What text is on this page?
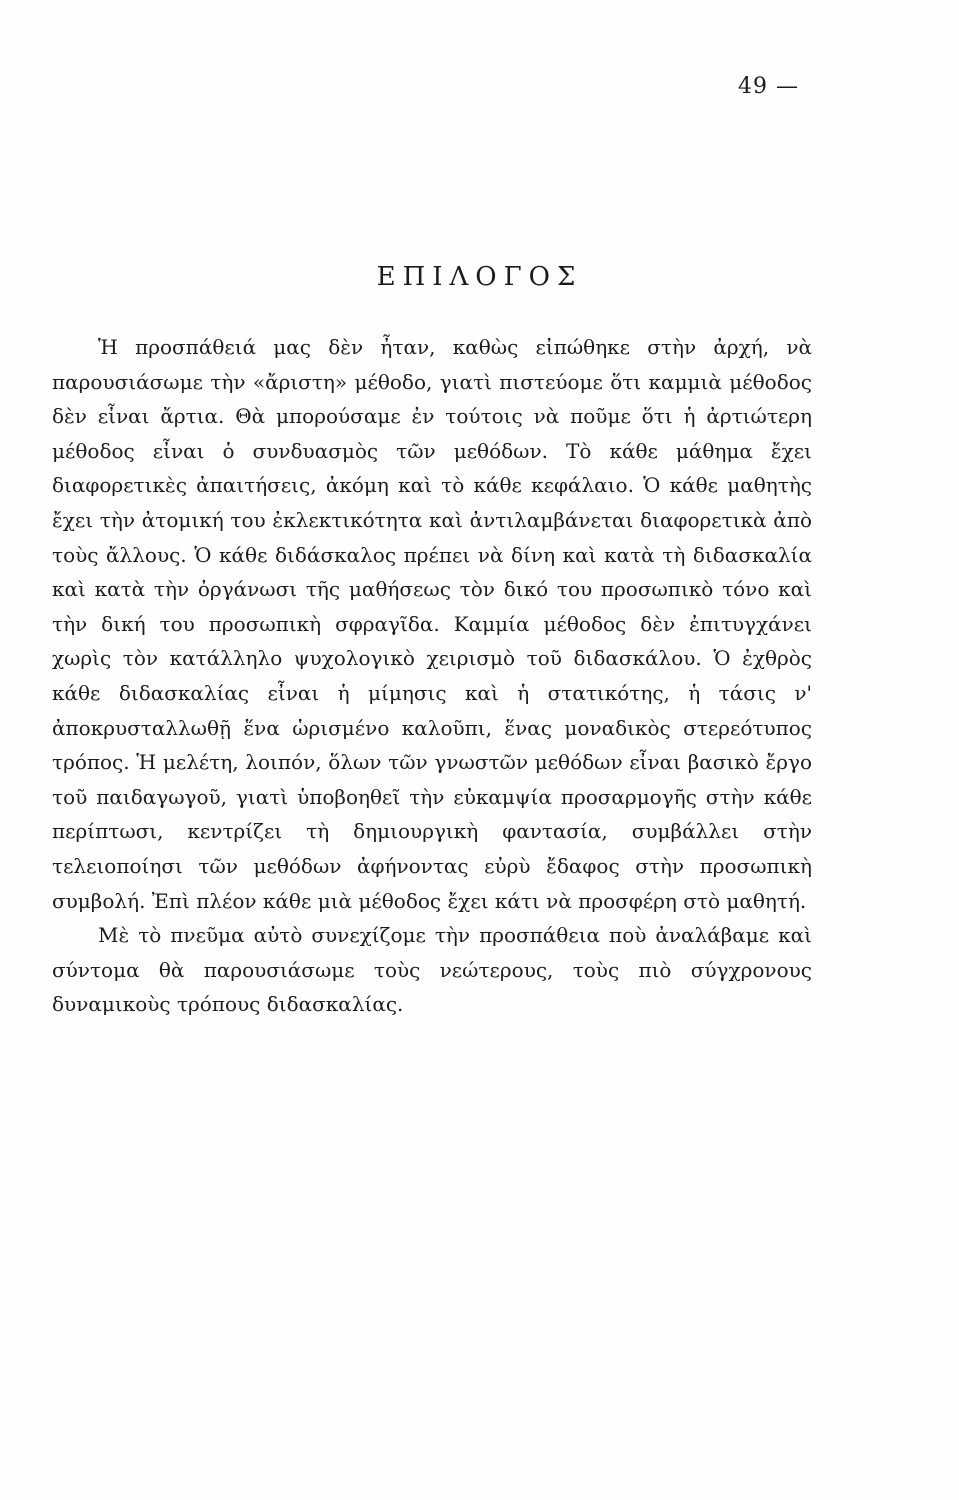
49 —
ΕΠΙΛΟΓΟΣ

Ἡ προσπάθειά μας δὲν ἦταν, καθὼς εἰπώθηκε στὴν ἀρχή, νὰ παρουσιάσωμε τὴν «ἄριστη» μέθοδο, γιατὶ πιστεύομε ὅτι καμμιὰ μέθοδος δὲν εἶναι ἄρτια. Θὰ μπορούσαμε ἐν τούτοις νὰ ποῦμε ὅτι ἡ ἀρτιώτερη μέθοδος εἶναι ὁ συνδυασμὸς τῶν μεθόδων. Τὸ κάθε μάθημα ἔχει διαφορετικὲς ἀπαιτήσεις, ἀκόμη καὶ τὸ κάθε κεφάλαιο. Ὁ κάθε μαθητὴς ἔχει τὴν ἀτομική του ἐκλεκτικότητα καὶ ἀντιλαμβάνεται διαφορετικὰ ἀπὸ τοὺς ἄλλους. Ὁ κάθε διδάσκαλος πρέπει νὰ δίνη καὶ κατὰ τὴ διδασκαλία καὶ κατὰ τὴν ὀργάνωσι τῆς μαθήσεως τὸν δικό του προσωπικὸ τόνο καὶ τὴν δική του προσωπικὴ σφραγῖδα. Καμμία μέθοδος δὲν ἐπιτυγχάνει χωρὶς τὸν κατάλληλο ψυχολογικὸ χειρισμὸ τοῦ διδασκάλου. Ὁ ἐχθρὸς κάθε διδασκαλίας εἶναι ἡ μίμησις καὶ ἡ στατικότης, ἡ τάσις ν' ἀποκρυσταλλωθῇ ἕνα ὡρισμένο καλοῦπι, ἕνας μοναδικὸς στερεότυπος τρόπος. Ἡ μελέτη, λοιπόν, ὅλων τῶν γνωστῶν μεθόδων εἶναι βασικὸ ἔργο τοῦ παιδαγωγοῦ, γιατὶ ὑποβοηθεῖ τὴν εὐκαμψία προσαρμογῆς στὴν κάθε περίπτωσι, κεντρίζει τὴ δημιουργικὴ φαντασία, συμβάλλει στὴν τελειοποίησι τῶν μεθόδων ἀφήνοντας εὐρὺ ἔδαφος στὴν προσωπικὴ συμβολή. Ἐπὶ πλέον κάθε μιὰ μέθοδος ἔχει κάτι νὰ προσφέρη στὸ μαθητή.

Μὲ τὸ πνεῦμα αὐτὸ συνεχίζομε τὴν προσπάθεια ποὺ ἀναλάβαμε καὶ σύντομα θὰ παρουσιάσωμε τοὺς νεώτερους, τοὺς πιὸ σύγχρονους δυναμικοὺς τρόπους διδασκαλίας.
